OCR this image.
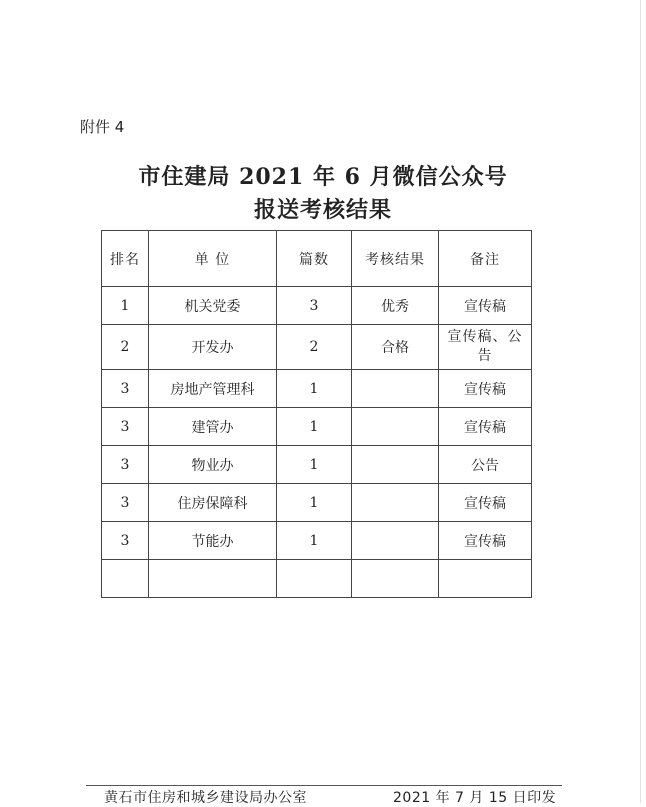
附件 4
市住建局 2021 年 6 月微信公众号
报送考核结果
排名	单 位	篇数	考核结果	备注
1	机关党委	3	优秀	宣传稿
2	开发办	2	合格	宣传稿、公告
3	房地产管理科	1		宣传稿
3	建管办	1		宣传稿
3	物业办	1		公告
3	住房保障科	1		宣传稿
3	节能办	1		宣传稿

黄石市住房和城乡建设局办公室	2021 年 7 月 15 日印发
